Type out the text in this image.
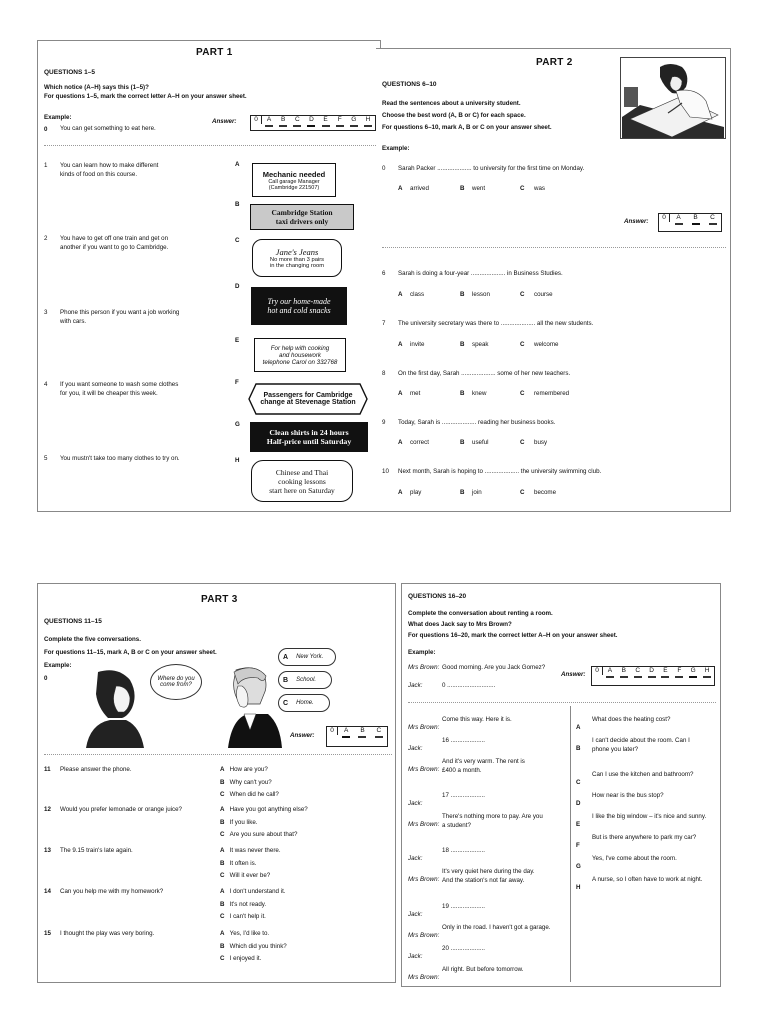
PART 1
QUESTIONS 1–5
Which notice (A–H) says this (1–5)?
For questions 1–5, mark the correct letter A–H on your answer sheet.
Example:
0 You can get something to eat here.
Answer:	0	A	B	C	D	E	F	G	H
1 You can learn how to make different
kinds of food on this course.
2 You have to get off one train and get on
another if you want to go to Cambridge.
3 Phone this person if you want a job working
with cars.
4 If you want someone to wash some clothes
for you, it will be cheaper this week.
5 You mustn't take too many clothes to try on.
A
Mechanic needed
Call garage Manager
(Cambridge 221507)
B
Cambridge Station
taxi drivers only
C
Jane's Jeans
No more than 3 pairs
in the changing room
D
Try our home-made
hot and cold snacks
E
For help with cooking
and housework
telephone Carol on 332768
F
Passengers for Cambridge
change at Stevenage Station
G
Clean shirts in 24 hours
Half-price until Saturday
H
Chinese and Thai
cooking lessons
start here on Saturday
PART 2
QUESTIONS 6–10
Read the sentences about a university student.
Choose the best word (A, B or C) for each space.
For questions 6–10, mark A, B or C on your answer sheet.
Example:
0 Sarah Packer .................... to university for the first time on Monday.
A arrived	B went	C was
Answer:
0	A	B	C
6 Sarah is doing a four-year .................... in Business Studies.
A class	B lesson	C course
7 The university secretary was there to .................... all the new students.
A invite	B speak	C welcome
8 On the first day, Sarah .................... some of her new teachers.
A met	B knew	C remembered
9 Today, Sarah is .................... reading her business books.
A correct	B useful	C busy
10 Next month, Sarah is hoping to .................... the university swimming club.
A play	B join	C become
PART 3
QUESTIONS 11–15
Complete the five conversations.
For questions 11–15, mark A, B or C on your answer sheet.
Example:
0	Where do you come from?
A New York.
B School.
C Home.
Answer:
0	A	B	C
11 Please answer the phone.	A How are you?
B Why can't you?
C When did he call?
12 Would you prefer lemonade or orange juice?	A Have you got anything else?
B If you like.
C Are you sure about that?
13 The 9.15 train's late again.	A It was never there.
B It often is.
C Will it ever be?
14 Can you help me with my homework?	A I don't understand it.
B It's not ready.
C I can't help it.
15 I thought the play was very boring.	A Yes, I'd like to.
B Which did you think?
C I enjoyed it.
QUESTIONS 16–20
Complete the conversation about renting a room.
What does Jack say to Mrs Brown?
For questions 16–20, mark the correct letter A–H on your answer sheet.
Example:
Mrs Brown: Good morning. Are you Jack Gomez?
Jack:	0 ............................
Answer:
0	A	B	C	D	E	F	G	H
Mrs Brown:
Come this way. Here it is.
Jack:
16 ....................
Mrs Brown:
And it's very warm. The rent is
£400 a month.
Jack:
17 ....................
Mrs Brown:
There's nothing more to pay. Are you
a student?
Jack:
18 ....................
Mrs Brown:
It's very quiet here during the day.
And the station's not far away.
Jack:
19 ....................
Mrs Brown:
Only in the road. I haven't got a garage.
Jack:
20 ....................
Mrs Brown:
All right. But before tomorrow.
A
What does the heating cost?
B
I can't decide about the room. Can I
phone you later?
C
Can I use the kitchen and bathroom?
D
How near is the bus stop?
E
I like the big window – it's nice and sunny.
F
But is there anywhere to park my car?
G
Yes, I've come about the room.
H
A nurse, so I often have to work at night.
